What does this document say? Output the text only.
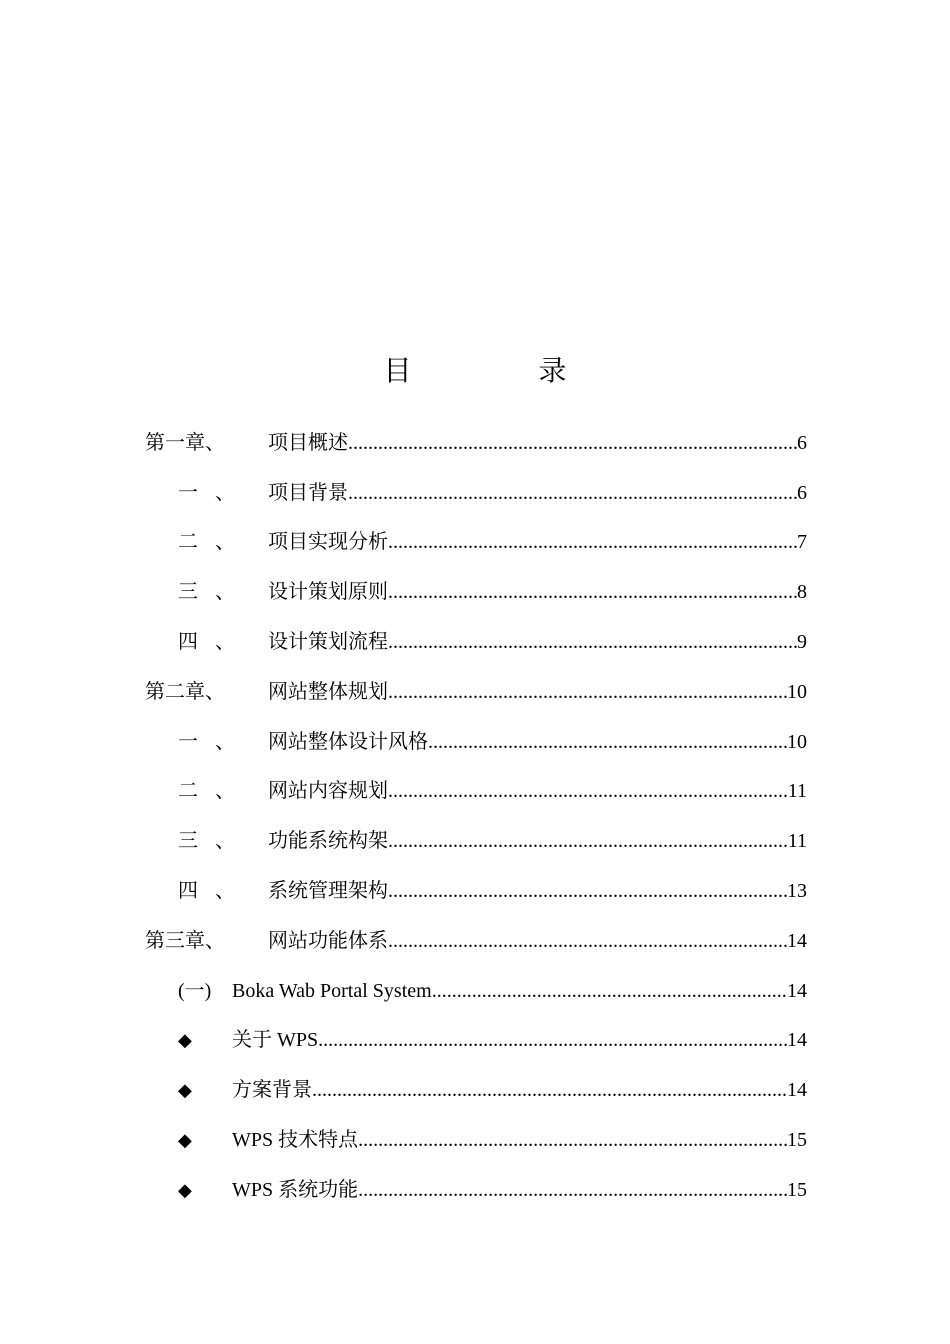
目 录
第一章、	项目概述 .....	6
一 、	项目背景 .....	6
二 、	项目实现分析 .....	7
三 、	设计策划原则 .....	8
四 、	设计策划流程 .....	9
第二章、	网站整体规划 .....	10
一 、	网站整体设计风格 .....	10
二 、	网站内容规划 .....	11
三 、	功能系统构架 .....	11
四 、	系统管理架构 .....	13
第三章、	网站功能体系 .....	14
(一)	Boka Wab Portal System .....	14
◆	关于 WPS .....	14
◆	方案背景 .....	14
◆	WPS 技术特点 .....	15
◆	WPS 系统功能 .....	15
